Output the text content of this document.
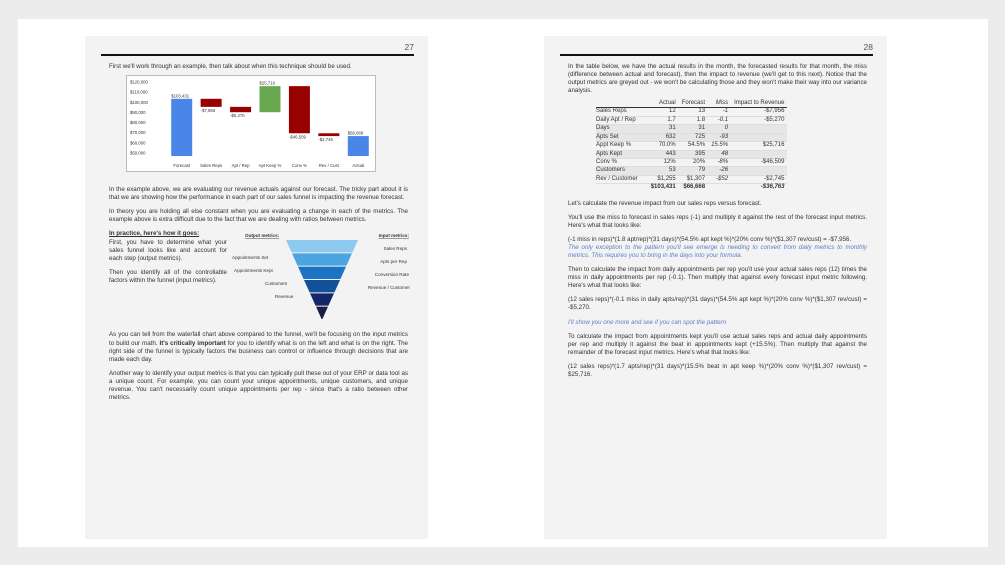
27

First we'll work through an example, then talk about when this technique should be used.

$120,000
$110,000
$100,000
$90,000
$80,000
$70,000
$60,000
$50,000
$103,431
Forecast
-$7,956
Sales Reps
-$5,270
Apt / Rep
$25,716
Apt Keep %
-$46,509
Conv %
-$2,745
Rev / Cust
$66,668
Actual

In the example above, we are evaluating our revenue actuals against our forecast. The tricky part about it is that we are showing how the performance in each part of our sales funnel is impacting the revenue forecast.

In theory you are holding all else constant when you are evaluating a change in each of the metrics. The example above is extra difficult due to the fact that we are dealing with ratios between metrics.

In practice, here's how it goes:

First, you have to determine what your sales funnel looks like and account for each step (output metrics).

Then you identify all of the controllable factors within the funnel (input metrics).

Output metrics:	Input metrics:
Appointments Set
Appointments Kept
Customers
Revenue
Sales Reps
Apts per Rep
Conversion Rate
Revenue / Customer

As you can tell from the waterfall chart above compared to the funnel, we'll be focusing on the input metrics to build our math. It's critically important for you to identify what is on the left and what is on the right. The right side of the funnel is typically factors the business can control or influence through decisions that are made each day.

Another way to identify your output metrics is that you can typically pull these out of your ERP or data tool as a unique count. For example, you can count your unique appointments, unique customers, and unique revenue. You can't necessarily count unique appointments per rep - since that's a ratio between other metrics.

28

In the table below, we have the actual results in the month, the forecasted results for that month, the miss (difference between actual and forecast), then the impact to revenue (we'll get to this next). Notice that the output metrics are greyed out - we won't be calculating those and they won't make their way into our variance analysis.

	Actual	Forecast	Miss	Impact to Revenue
Sales Reps	12	13	-1	-$7,956
Daily Apt / Rep	1.7	1.8	-0.1	-$5,270
Days	31	31	0	
Apts Set	632	725	-93	
Appt Keep %	70.0%	54.5%	15.5%	$25,716
Apts Kept	443	395	48	
Conv %	12%	20%	-8%	-$46,509
Customers	53	79	-26	
Rev / Customer	$1,255	$1,307	-$52	-$2,745
	$103,431	$66,668		-$36,763

Let's calculate the revenue impact from our sales reps versus forecast.

You'll use the miss to forecast in sales reps (-1) and multiply it against the rest of the forecast input metrics. Here's what that looks like:

(-1 miss in reps)*(1.8 apt/rep)*(31 days)*(54.5% apt kept %)*(20% conv %)*($1,307 rev/cust) = -$7,956.
The only exception to the pattern you'll see emerge is needing to convert from daily metrics to monthly metrics. This requires you to bring in the days into your formula.

Then to calculate the impact from daily appointments per rep you'll use your actual sales reps (12) times the miss in daily appointments per rep (-0.1). Then multiply that against every forecast input metric following. Here's what that looks like:

(12 sales reps)*(-0.1 miss in daily apts/rep)*(31 days)*(54.5% apt kept %)*(20% conv %)*($1,307 rev/cust) = -$5,270.

I'll show you one more and see if you can spot the pattern

To calculate the impact from appointments kept you'll use actual sales reps and actual daily appointments per rep and multiply it against the beat in appointments kept (+15.5%). Then multiply that against the remainder of the forecast input metrics. Here's what that looks like:

(12 sales reps)*(1.7 apts/rep)*(31 days)*(15.5% beat in apt keep %)*(20% conv %)*($1,307 rev/cust) = $25,716.
